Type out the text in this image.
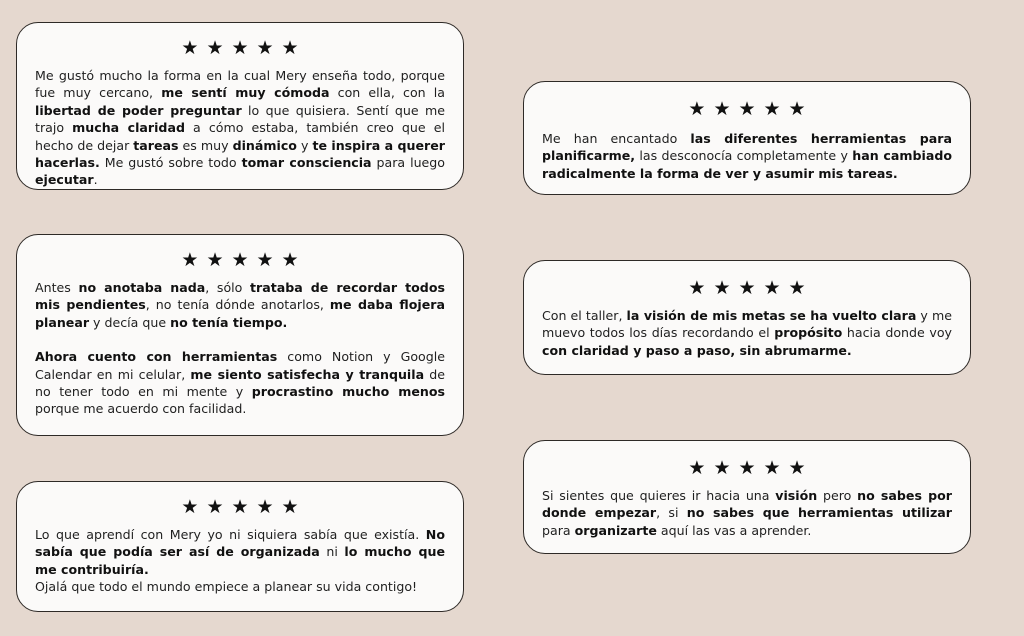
★★★★★

Me gustó mucho la forma en la cual Mery enseña todo, porque fue muy cercano, me sentí muy cómoda con ella, con la libertad de poder preguntar lo que quisiera. Sentí que me trajo mucha claridad a cómo estaba, también creo que el hecho de dejar tareas es muy dinámico y te inspira a querer hacerlas. Me gustó sobre todo tomar consciencia para luego ejecutar.

★★★★★

Antes no anotaba nada, sólo trataba de recordar todos mis pendientes, no tenía dónde anotarlos, me daba flojera planear y decía que no tenía tiempo.

Ahora cuento con herramientas como Notion y Google Calendar en mi celular, me siento satisfecha y tranquila de no tener todo en mi mente y procrastino mucho menos porque me acuerdo con facilidad.

★★★★★

Lo que aprendí con Mery yo ni siquiera sabía que existía. No sabía que podía ser así de organizada ni lo mucho que me contribuiría.

Ojalá que todo el mundo empiece a planear su vida contigo!

★★★★★

Me han encantado las diferentes herramientas para planificarme, las desconocía completamente y han cambiado radicalmente la forma de ver y asumir mis tareas.

★★★★★

Con el taller, la visión de mis metas se ha vuelto clara y me muevo todos los días recordando el propósito hacia donde voy con claridad y paso a paso, sin abrumarme.

★★★★★

Si sientes que quieres ir hacia una visión pero no sabes por donde empezar, si no sabes que herramientas utilizar para organizarte aquí las vas a aprender.
